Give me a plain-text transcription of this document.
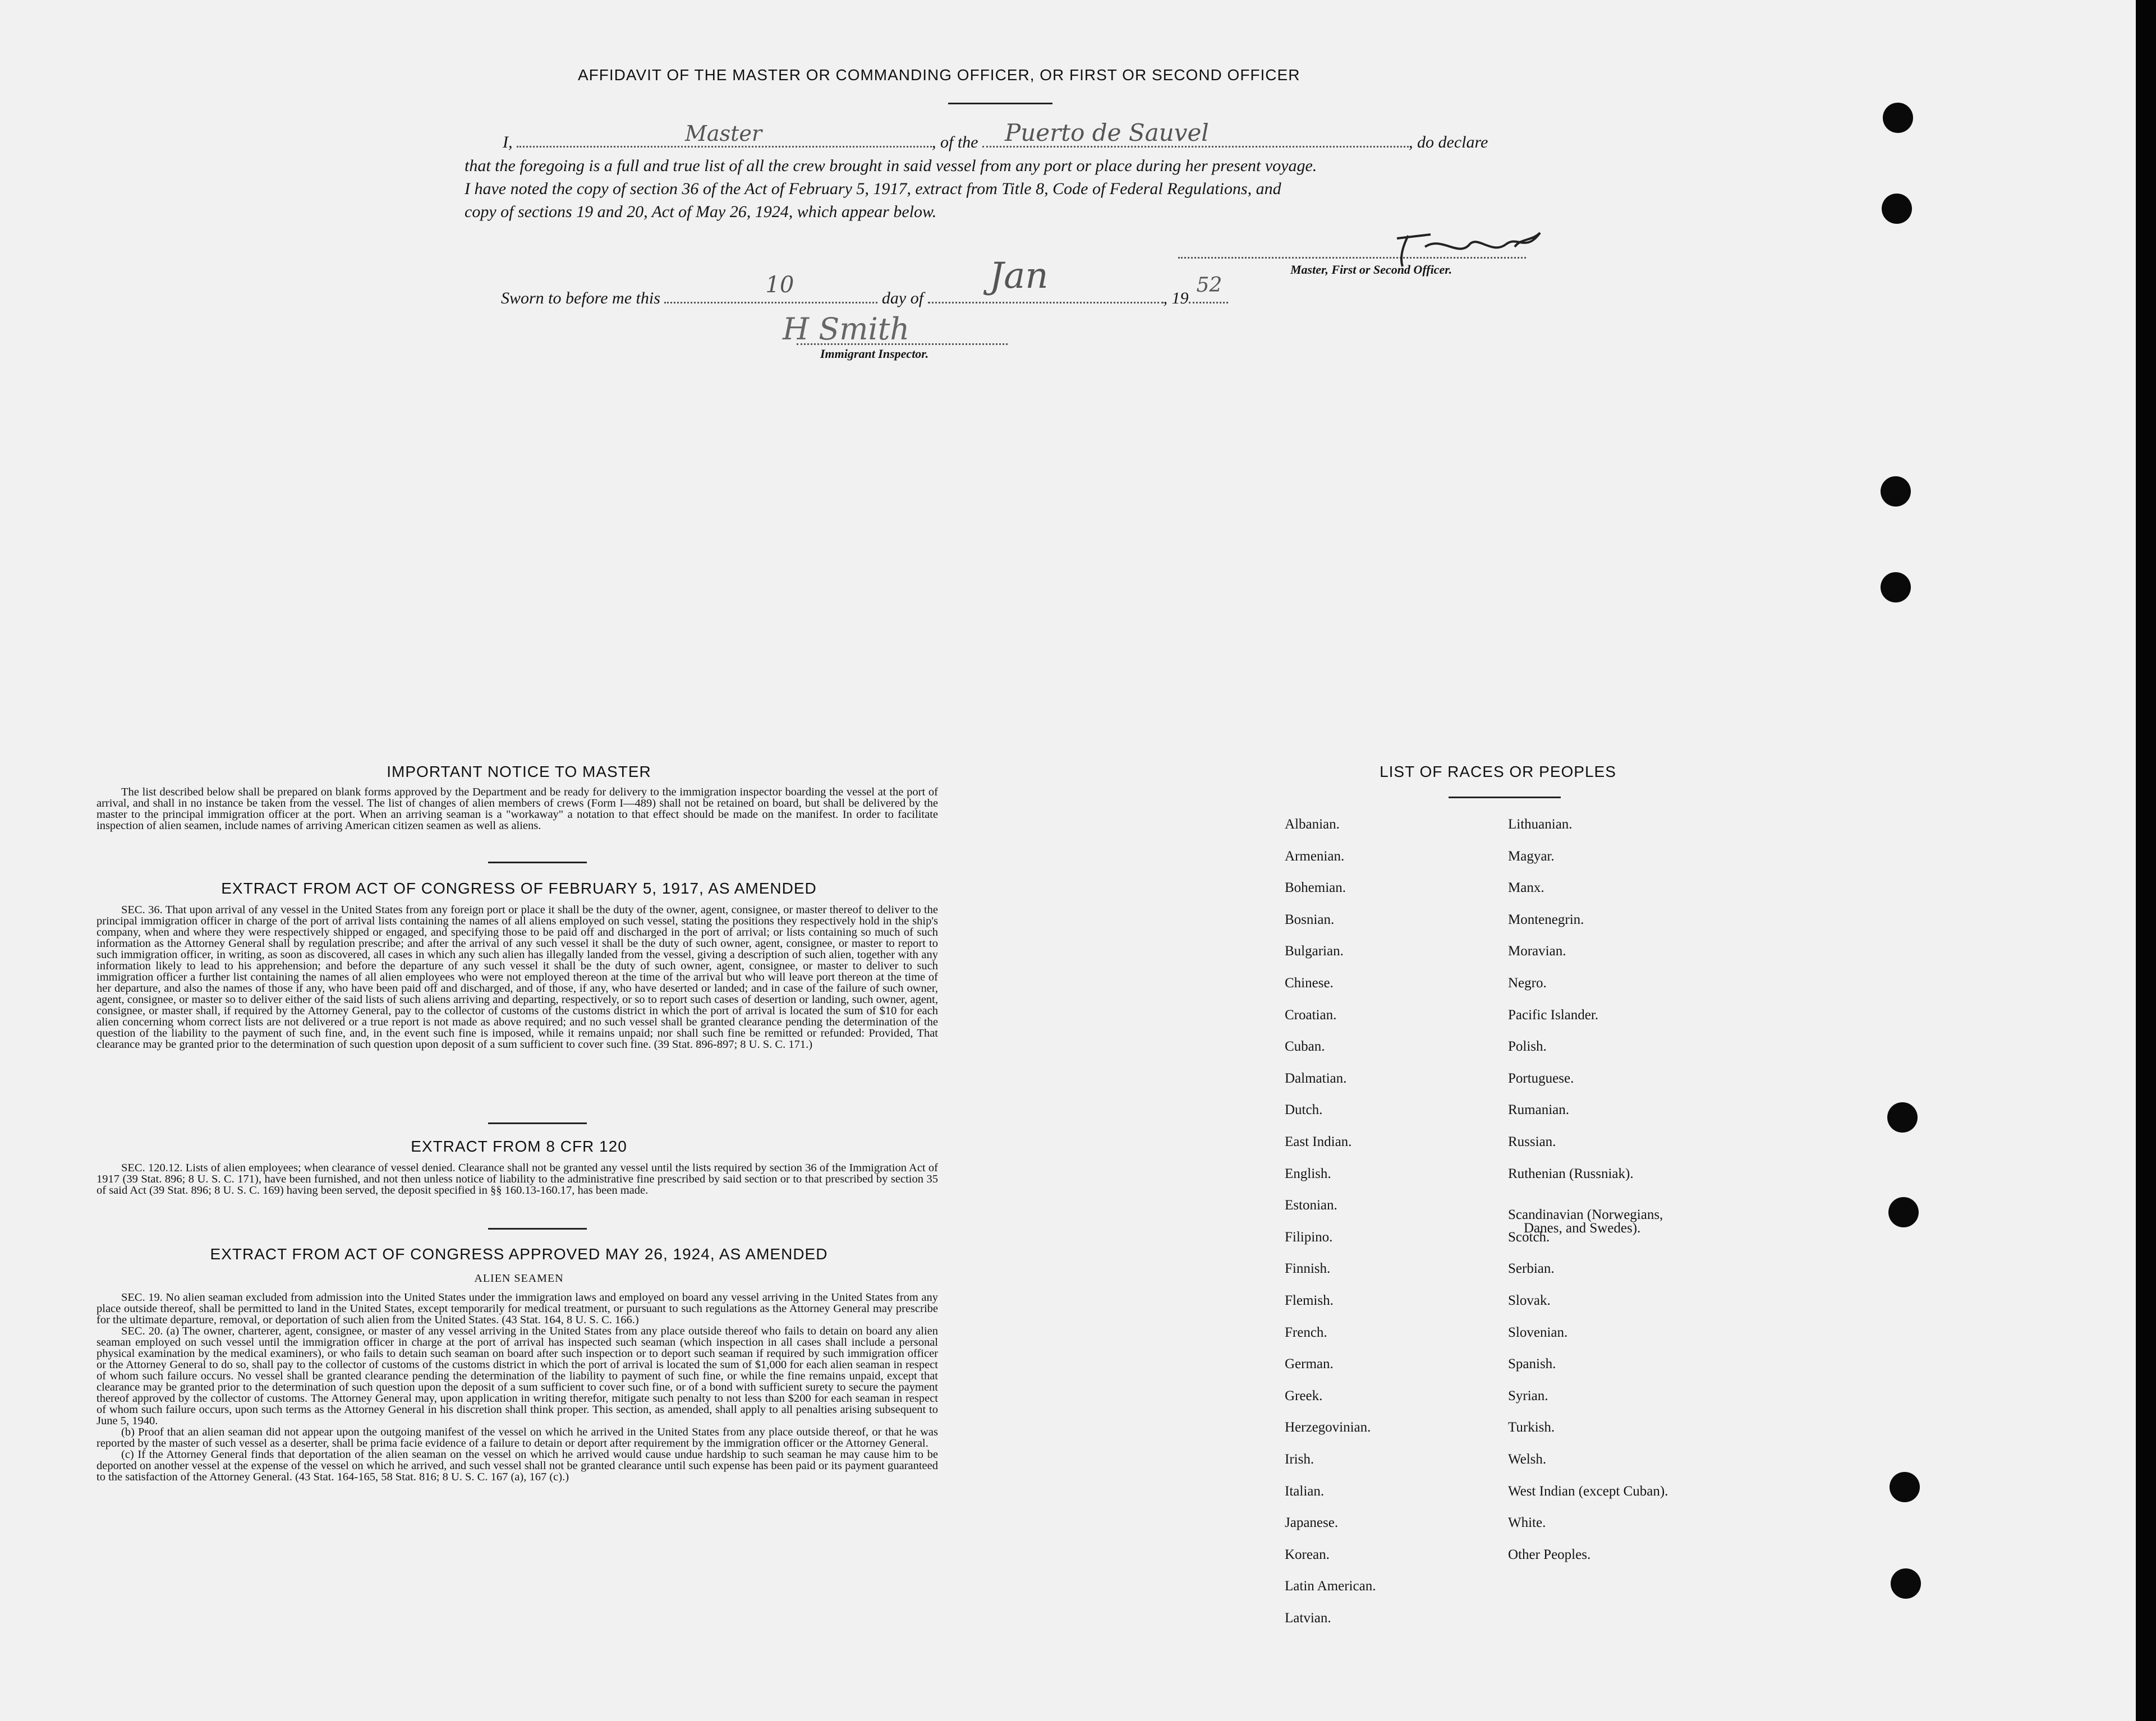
AFFIDAVIT OF THE MASTER OR COMMANDING OFFICER, OR FIRST OR SECOND OFFICER
I,	Master	, of the Puerto de Sauvel	, do declare
that the foregoing is a full and true list of all the crew brought in said vessel from any port or place during her present voyage.
I have noted the copy of section 36 of the Act of February 5, 1917, extract from Title 8, Code of Federal Regulations, and
copy of sections 19 and 20, Act of May 26, 1924, which appear below.
Master, First or Second Officer.
Sworn to before me this
10
day of
Jan
, 19
52
H Smith
Immigrant Inspector.
IMPORTANT NOTICE TO MASTER
The list described below shall be prepared on blank forms approved by the Department and be ready for delivery to the immigration inspector boarding the vessel at the port of arrival, and shall in no instance be taken from the vessel. The list of changes of alien members of crews (Form I—489) shall not be retained on board, but shall be delivered by the master to the principal immigration officer at the port. When an arriving seaman is a "workaway" a notation to that effect should be made on the manifest. In order to facilitate inspection of alien seamen, include names of arriving American citizen seamen as well as aliens.
EXTRACT FROM ACT OF CONGRESS OF FEBRUARY 5, 1917, AS AMENDED
SEC. 36. That upon arrival of any vessel in the United States from any foreign port or place it shall be the duty of the owner, agent, consignee, or master thereof to deliver to the principal immigration officer in charge of the port of arrival lists containing the names of all aliens employed on such vessel, stating the positions they respectively hold in the ship's company, when and where they were respectively shipped or engaged, and specifying those to be paid off and discharged in the port of arrival; or lists containing so much of such information as the Attorney General shall by regulation prescribe; and after the arrival of any such vessel it shall be the duty of such owner, agent, consignee, or master to report to such immigration officer, in writing, as soon as discovered, all cases in which any such alien has illegally landed from the vessel, giving a description of such alien, together with any information likely to lead to his apprehension; and before the departure of any such vessel it shall be the duty of such owner, agent, consignee, or master to deliver to such immigration officer a further list containing the names of all alien employees who were not employed thereon at the time of the arrival but who will leave port thereon at the time of her departure, and also the names of those if any, who have been paid off and discharged, and of those, if any, who have deserted or landed; and in case of the failure of such owner, agent, consignee, or master so to deliver either of the said lists of such aliens arriving and departing, respectively, or so to report such cases of desertion or landing, such owner, agent, consignee, or master shall, if required by the Attorney General, pay to the collector of customs of the customs district in which the port of arrival is located the sum of $10 for each alien concerning whom correct lists are not delivered or a true report is not made as above required; and no such vessel shall be granted clearance pending the determination of the question of the liability to the payment of such fine, and, in the event such fine is imposed, while it remains unpaid; nor shall such fine be remitted or refunded: Provided, That clearance may be granted prior to the determination of such question upon deposit of a sum sufficient to cover such fine. (39 Stat. 896-897; 8 U. S. C. 171.)
EXTRACT FROM 8 CFR 120
SEC. 120.12. Lists of alien employees; when clearance of vessel denied. Clearance shall not be granted any vessel until the lists required by section 36 of the Immigration Act of 1917 (39 Stat. 896; 8 U. S. C. 171), have been furnished, and not then unless notice of liability to the administrative fine prescribed by said section or to that prescribed by section 35 of said Act (39 Stat. 896; 8 U. S. C. 169) having been served, the deposit specified in §§ 160.13-160.17, has been made.
EXTRACT FROM ACT OF CONGRESS APPROVED MAY 26, 1924, AS AMENDED
ALIEN SEAMEN

SEC. 19. No alien seaman excluded from admission into the United States under the immigration laws and employed on board any vessel arriving in the United States from any place outside thereof, shall be permitted to land in the United States, except temporarily for medical treatment, or pursuant to such regulations as the Attorney General may prescribe for the ultimate departure, removal, or deportation of such alien from the United States. (43 Stat. 164, 8 U. S. C. 166.)

SEC. 20. (a) The owner, charterer, agent, consignee, or master of any vessel arriving in the United States from any place outside thereof who fails to detain on board any alien seaman employed on such vessel until the immigration officer in charge at the port of arrival has inspected such seaman (which inspection in all cases shall include a personal physical examination by the medical examiners), or who fails to detain such seaman on board after such inspection or to deport such seaman if required by such immigration officer or the Attorney General to do so, shall pay to the collector of customs of the customs district in which the port of arrival is located the sum of $1,000 for each alien seaman in respect of whom such failure occurs. No vessel shall be granted clearance pending the determination of the liability to payment of such fine, or while the fine remains unpaid, except that clearance may be granted prior to the determination of such question upon the deposit of a sum sufficient to cover such fine, or of a bond with sufficient surety to secure the payment thereof approved by the collector of customs. The Attorney General may, upon application in writing therefor, mitigate such penalty to not less than $200 for each seaman in respect of whom such failure occurs, upon such terms as the Attorney General in his discretion shall think proper. This section, as amended, shall apply to all penalties arising subsequent to June 5, 1940.

(b) Proof that an alien seaman did not appear upon the outgoing manifest of the vessel on which he arrived in the United States from any place outside thereof, or that he was reported by the master of such vessel as a deserter, shall be prima facie evidence of a failure to detain or deport after requirement by the immigration officer or the Attorney General.

(c) If the Attorney General finds that deportation of the alien seaman on the vessel on which he arrived would cause undue hardship to such seaman he may cause him to be deported on another vessel at the expense of the vessel on which he arrived, and such vessel shall not be granted clearance until such expense has been paid or its payment guaranteed to the satisfaction of the Attorney General. (43 Stat. 164-165, 58 Stat. 816; 8 U. S. C. 167 (a), 167 (c).)

LIST OF RACES OR PEOPLES
Albanian.
Armenian.
Bohemian.
Bosnian.
Bulgarian.
Chinese.
Croatian.
Cuban.
Dalmatian.
Dutch.
East Indian.
English.
Estonian.
Filipino.
Finnish.
Flemish.
French.
German.
Greek.
Herzegovinian.
Irish.
Italian.
Japanese.
Korean.
Latin American.
Latvian.
Lithuanian.
Magyar.
Manx.
Montenegrin.
Moravian.
Negro.
Pacific Islander.
Polish.
Portuguese.
Rumanian.
Russian.
Ruthenian (Russniak).
Scandinavian (Norwegians,
Danes, and Swedes).
Scotch.
Serbian.
Slovak.
Slovenian.
Spanish.
Syrian.
Turkish.
Welsh.
West Indian (except Cuban).
White.
Other Peoples.
